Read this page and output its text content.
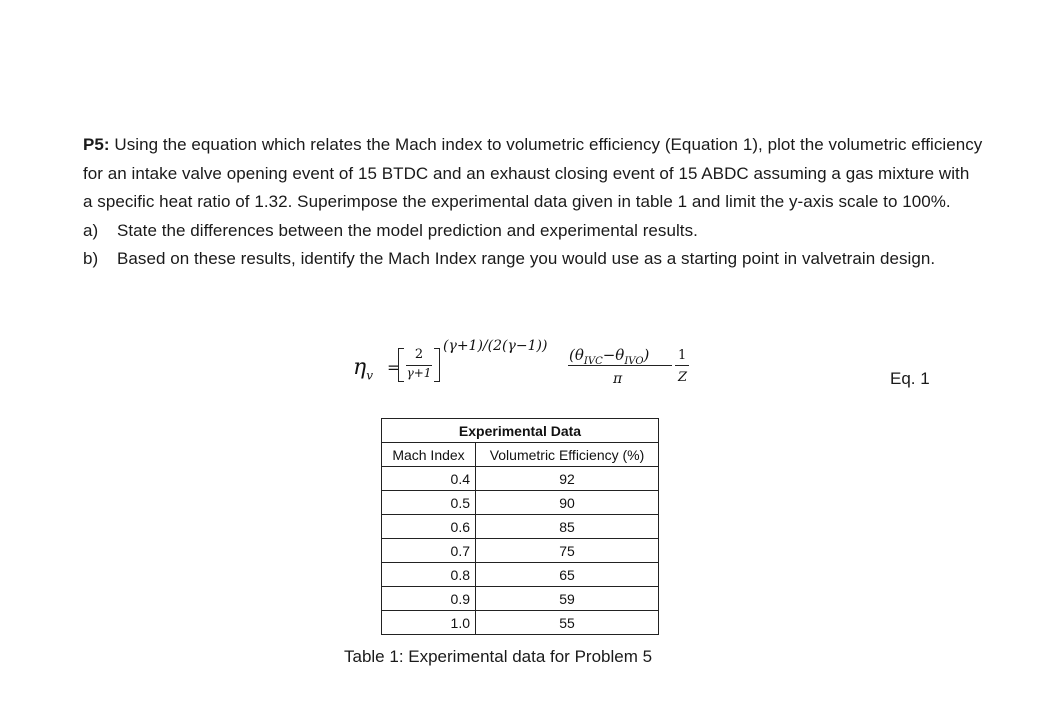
P5: Using the equation which relates the Mach index to volumetric efficiency (Equation 1), plot the volumetric efficiency for an intake valve opening event of 15 BTDC and an exhaust closing event of 15 ABDC assuming a gas mixture with a specific heat ratio of 1.32. Superimpose the experimental data given in table 1 and limit the y-axis scale to 100%.

a) State the differences between the model prediction and experimental results.

b) Based on these results, identify the Mach Index range you would use as a starting point in valvetrain design.

$\eta_v$ =
2
γ+1
(γ+1)/(2(γ−1)) $(\theta_{IVC}-\theta_{IVO})$
π
1
Z	Eq. 1
Experimental Data	
Mach Index	Volumetric Efficiency (%)
0.4	92
0.5	90
0.6	85
0.7	75
0.8	65
0.9	59
1.0	55
Table 1: Experimental data for Problem 5
